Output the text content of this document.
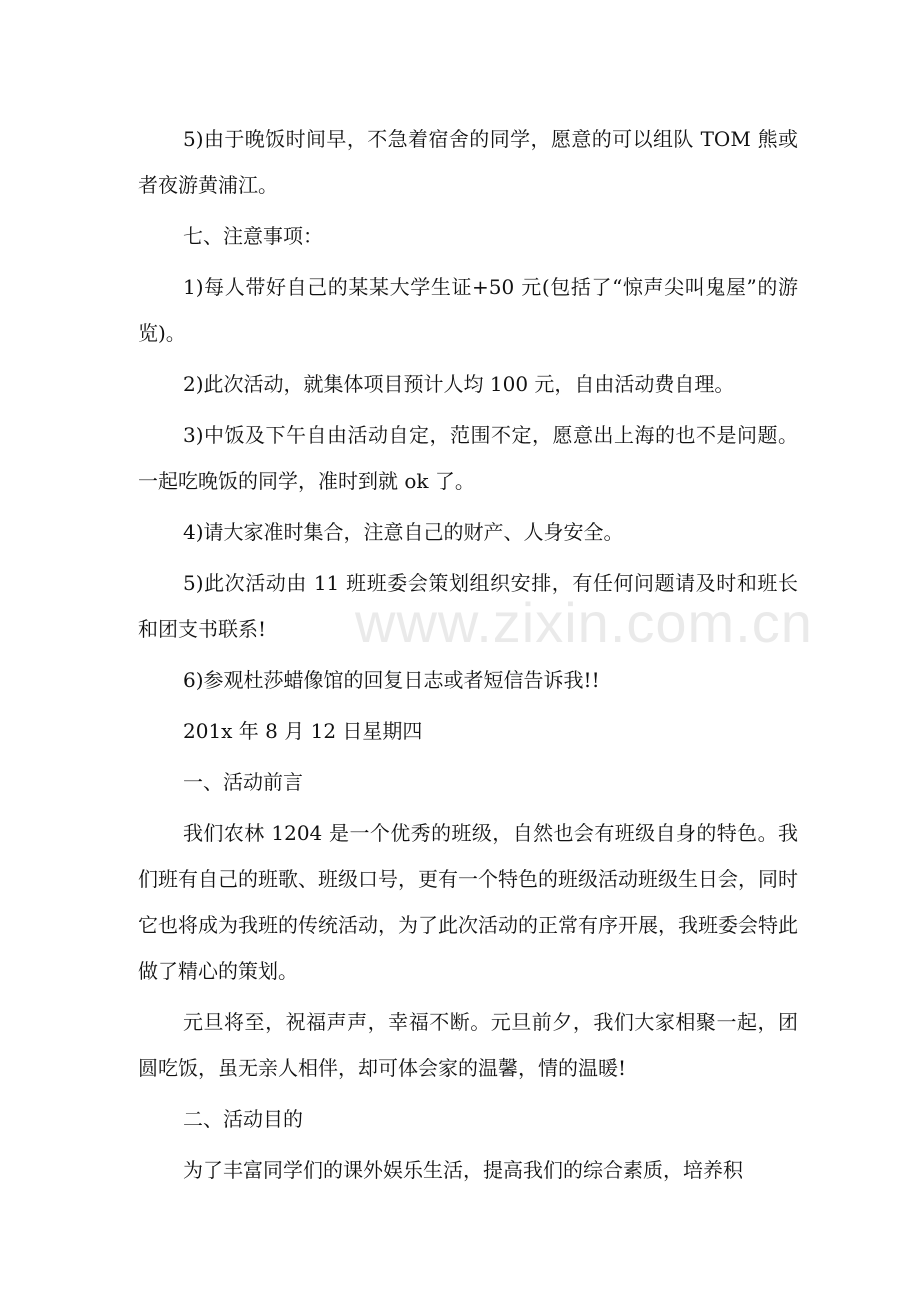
5)由于晚饭时间早，不急着宿舍的同学，愿意的可以组队 TOM 熊或者夜游黄浦江。

七、注意事项：

1)每人带好自己的某某大学生证+50 元(包括了“惊声尖叫鬼屋”的游览)。

2)此次活动，就集体项目预计人均 100 元，自由活动费自理。

3)中饭及下午自由活动自定，范围不定，愿意出上海的也不是问题。一起吃晚饭的同学，准时到就 ok 了。

4)请大家准时集合，注意自己的财产、人身安全。

5)此次活动由 11 班班委会策划组织安排，有任何问题请及时和班长和团支书联系!

6)参观杜莎蜡像馆的回复日志或者短信告诉我!!

201x 年 8 月 12 日星期四

一、活动前言

我们农林 1204 是一个优秀的班级，自然也会有班级自身的特色。我们班有自己的班歌、班级口号，更有一个特色的班级活动班级生日会，同时它也将成为我班的传统活动，为了此次活动的正常有序开展，我班委会特此做了精心的策划。

元旦将至，祝福声声，幸福不断。元旦前夕，我们大家相聚一起，团圆吃饭，虽无亲人相伴，却可体会家的温馨，情的温暖!

二、活动目的

为了丰富同学们的课外娱乐生活，提高我们的综合素质，培养积

www.zixin.com.cn
